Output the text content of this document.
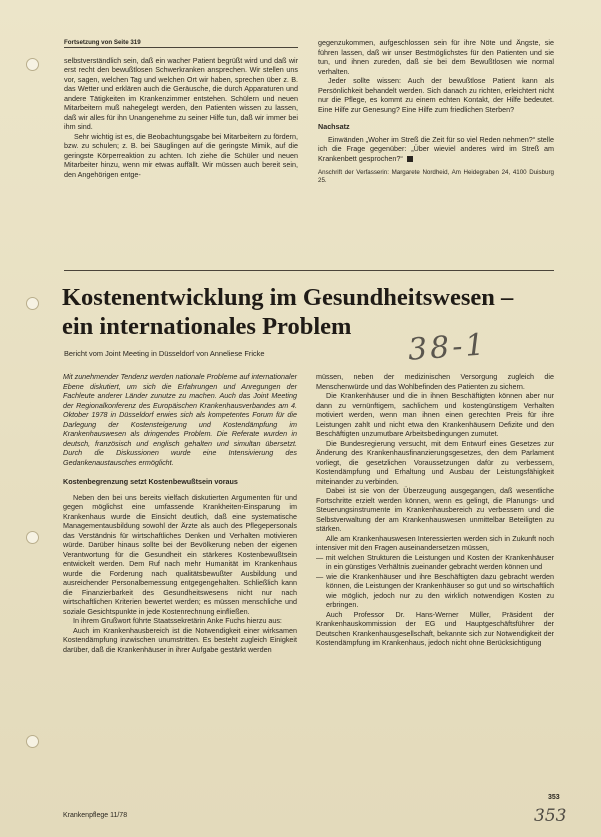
Fortsetzung von Seite 319

selbstverständlich sein, daß ein wacher Patient begrüßt wird und daß wir erst recht den bewußtlosen Schwerkranken ansprechen. Wir stellen uns vor, sagen, welchen Tag und welchen Ort wir haben, sprechen über z. B. das Wetter und erklären auch die Geräusche, die durch Apparaturen und andere Tätigkeiten im Krankenzimmer entstehen. Schülern und neuen Mitarbeitern muß nahegelegt werden, den Patienten wissen zu lassen, daß wir alles für ihn Unangenehme zu seiner Hilfe tun, daß wir immer bei ihm sind.

Sehr wichtig ist es, die Beobachtungsgabe bei Mitarbeitern zu fördern, bzw. zu schulen; z. B. bei Säuglingen auf die geringste Mimik, auf die geringste Körperreaktion zu achten. Ich ziehe die Schüler und neuen Mitarbeiter hinzu, wenn mir etwas auffällt. Wir müssen auch bereit sein, den Angehörigen entge-

gegenzukommen, aufgeschlossen sein für ihre Nöte und Ängste, sie führen lassen, daß wir unser Bestmöglichstes für den Patienten und sie tun, und ihnen zureden, daß sie bei dem Bewußtlosen wie normal verhalten.

Jeder sollte wissen: Auch der bewußtlose Patient kann als Persönlichkeit behandelt werden. Sich danach zu richten, erleichtert nicht nur die Pflege, es kommt zu einem echten Kontakt, der Hilfe bedeutet. Eine Hilfe zur Genesung? Eine Hilfe zum friedlichen Sterben?

Nachsatz

Einwänden „Woher im Streß die Zeit für so viel Reden nehmen?“ stelle ich die Frage gegenüber: „Über wieviel anderes wird im Streß am Krankenbett gesprochen?“

Anschrift der Verfasserin: Margarete Nordheid, Am Heidegraben 24, 4100 Duisburg 25.

Kostenentwicklung im Gesundheitswesen –
ein internationales Problem
Bericht vom Joint Meeting in Düsseldorf von Anneliese Fricke	38-1

Mit zunehmender Tendenz werden nationale Probleme auf internationaler Ebene diskutiert, um sich die Erfahrungen und Anregungen der Fachleute anderer Länder zunutze zu machen. Auch das Joint Meeting der Regionalkonferenz des Europäischen Krankenhausverbandes am 4. Oktober 1978 in Düsseldorf erwies sich als kompetentes Forum für die Darlegung der Kostensteigerung und Kostendämpfung im Krankenhauswesen als dringendes Problem. Die Referate wurden in deutsch, französisch und englisch gehalten und simultan übersetzt. Durch die Diskussionen wurde eine Intensivierung des Gedankenaustausches ermöglicht.

Kostenbegrenzung setzt Kostenbewußtsein voraus

Neben den bei uns bereits vielfach diskutierten Argumenten für und gegen möglichst eine umfassende Krankheiten-Einsparung im Krankenhaus wurde die Einsicht deutlich, daß eine systematische Managementausbildung sowohl der Ärzte als auch des Pflegepersonals das Verständnis für wirtschaftliches Denken und Verhalten motivieren würde. Darüber hinaus sollte bei der Bevölkerung neben der eigenen Verantwortung für die Gesundheit ein stärkeres Kostenbewußtsein entwickelt werden. Dem Ruf nach mehr Humanität im Krankenhaus wurde die Forderung nach qualitätsbewußter Ausbildung und ausreichender Personalbemessung entgegengehalten. Schließlich kann die Finanzierbarkeit des Gesundheitswesens nicht nur nach wirtschaftlichen Kriterien bewertet werden; es müssen menschliche und soziale Gesichtspunkte in jede Kostenrechnung einfließen.

In ihrem Grußwort führte Staatssekretärin Anke Fuchs hierzu aus:

Auch im Krankenhausbereich ist die Notwendigkeit einer wirksamen Kostendämpfung inzwischen unumstritten. Es besteht zugleich Einigkeit darüber, daß die Krankenhäuser in ihrer Aufgabe gestärkt werden

müssen, neben der medizinischen Versorgung zugleich die Menschenwürde und das Wohlbefinden des Patienten zu sichern.

Die Krankenhäuser und die in ihnen Beschäftigten können aber nur dann zu vernünftigem, sachlichem und kostengünstigem Verhalten motiviert werden, wenn man ihnen einen gerechten Preis für ihre Leistungen zahlt und nicht etwa den Krankenhäusern Defizite und den Beschäftigten unzumutbare Arbeitsbedingungen zumutet.

Die Bundesregierung versucht, mit dem Entwurf eines Gesetzes zur Änderung des Krankenhausfinanzierungsgesetzes, den dem Parlament vorliegt, die gesetzlichen Voraussetzungen dafür zu verbessern, Kostendämpfung und Erhaltung und Ausbau der Leistungsfähigkeit miteinander zu verbinden.

Dabei ist sie von der Überzeugung ausgegangen, daß wesentliche Fortschritte erzielt werden können, wenn es gelingt, die Planungs- und Steuerungsinstrumente im Krankenhausbereich zu verbessern und die Selbstverwaltung der am Krankenhauswesen unmittelbar Beteiligten zu stärken.

Alle am Krankenhauswesen Interessierten werden sich in Zukunft noch intensiver mit den Fragen auseinandersetzen müssen,

— mit welchen Strukturen die Leistungen und Kosten der Krankenhäuser in ein günstiges Verhältnis zueinander gebracht werden können und

— wie die Krankenhäuser und ihre Beschäftigten dazu gebracht werden können, die Leistungen der Krankenhäuser so gut und so wirtschaftlich wie möglich, jedoch nur zu den wirklich notwendigen Kosten zu erbringen.

Auch Professor Dr. Hans-Werner Müller, Präsident der Krankenhauskommission der EG und Hauptgeschäftsführer der Deutschen Krankenhausgesellschaft, bekannte sich zur Notwendigkeit der Kostendämpfung im Krankenhaus, jedoch nicht ohne Berücksichtigung

Krankenpflege 11/78
353
353
